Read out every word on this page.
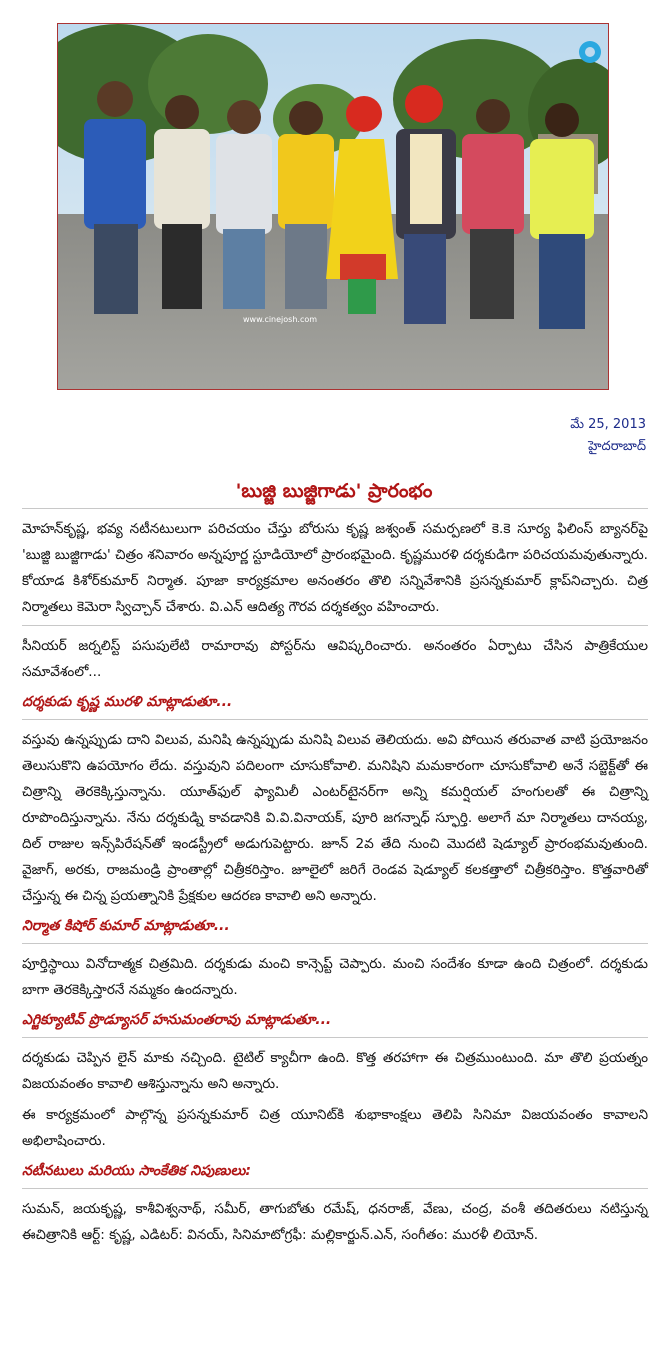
www.cinejosh.com
మే 25, 2013
హైదరాబాద్
'బుజ్జి బుజ్జిగాడు' ప్రారంభం

మోహన్‌కృష్ణ, భవ్య నటీనటులుగా పరిచయం చేస్తు బోరుసు కృష్ణ జశ్వంత్ సమర్పణలో కె.కె సూర్య ఫిలింస్ బ్యానర్‌పై 'బుజ్జి బుజ్జిగాడు' చిత్రం శనివారం అన్నపూర్ణ స్టూడియోలో ప్రారంభమైంది. కృష్ణమురళి దర్శకుడిగా పరిచయమవుతున్నారు. కోయాడ కిశోర్‌కుమార్ నిర్మాత. పూజా కార్యక్రమాల అనంతరం తొలి సన్నివేశానికి ప్రసన్నకుమార్ క్లాప్‌నిచ్చారు. చిత్ర నిర్మాతలు కెమెరా స్విచ్చాన్ చేశారు. వి.ఎన్ ఆదిత్య గౌరవ దర్శకత్వం వహించారు.

సీనియర్ జర్నలిస్ట్ పసుపులేటి రామారావు పోస్టర్‌ను ఆవిష్కరించారు. అనంతరం ఏర్పాటు చేసిన పాత్రికేయుల సమావేశంలో...

దర్శకుడు కృష్ణ మురళి మాట్లాడుతూ...

వస్తువు ఉన్నప్పుడు దాని విలువ, మనిషి ఉన్నప్పుడు మనిషి విలువ తెలియదు. అవి పోయిన తరువాత వాటి ప్రయోజనం తెలుసుకొని ఉపయోగం లేదు. వస్తువుని పదిలంగా చూసుకోవాలి. మనిషిని మమకారంగా చూసుకోవాలి అనే సబ్జెక్ట్‌తో ఈ చిత్రాన్ని తెరకెక్కిస్తున్నాను. యూత్‌ఫుల్ ఫ్యామిలీ ఎంటర్‌టైనర్‌గా అన్ని కమర్షియల్ హంగులతో ఈ చిత్రాన్ని రూపొందిస్తున్నాను. నేను దర్శకుడ్ని కావడానికి వి.వి.వినాయక్, పూరి జగన్నాధ్ స్ఫూర్తి. అలాగే మా నిర్మాతలు దానయ్య, దిల్ రాజుల ఇన్స్‌పిరేషన్‌తో ఇండస్ట్రీలో అడుగుపెట్టారు. జూన్ 2వ తేది నుంచి మొదటి షెడ్యూల్ ప్రారంభమవుతుంది. వైజాగ్, అరకు, రాజమండ్రి ప్రాంతాల్లో చిత్రీకరిస్తాం. జూలైలో జరిగే రెండవ షెడ్యూల్ కలకత్తాలో చిత్రీకరిస్తాం. కొత్తవారితో చేస్తున్న ఈ చిన్న ప్రయత్నానికి ప్రేక్షకుల ఆదరణ కావాలి అని అన్నారు.

నిర్మాత కిషోర్ కుమార్ మాట్లాడుతూ...

పూర్తిస్థాయి వినోదాత్మక చిత్రమిది. దర్శకుడు మంచి కాన్సెప్ట్ చెప్పారు. మంచి సందేశం కూడా ఉంది చిత్రంలో. దర్శకుడు బాగా తెరకెక్కిస్తారనే నమ్మకం ఉందన్నారు.

ఎగ్జిక్యూటివ్ ప్రొడ్యూసర్ హనుమంతరావు మాట్లాడుతూ...

దర్శకుడు చెప్పిన లైన్ మాకు నచ్చింది. టైటిల్ క్యాచీగా ఉంది. కొత్త తరహాగా ఈ చిత్రముంటుంది. మా తొలి ప్రయత్నం విజయవంతం కావాలి ఆశిస్తున్నాను అని అన్నారు.

ఈ కార్యక్రమంలో పాల్గొన్న ప్రసన్నకుమార్ చిత్ర యూనిట్‌కి శుభాకాంక్షలు తెలిపి సినిమా విజయవంతం కావాలని అభిలాషించారు.

నటీనటులు మరియు సాంకేతిక నిపుణులు:

సుమన్, జయకృష్ణ, కాశీవిశ్వనాథ్, సమీర్, తాగుబోతు రమేష్, ధనరాజ్, వేణు, చంద్ర, వంశీ తదితరులు నటిస్తున్న ఈచిత్రానికి ఆర్ట్: కృష్ణ, ఎడిటర్: వినయ్, సినిమాటోగ్రఫీ: మల్లికార్జున్.ఎన్, సంగీతం: మురళీ లియోన్.
